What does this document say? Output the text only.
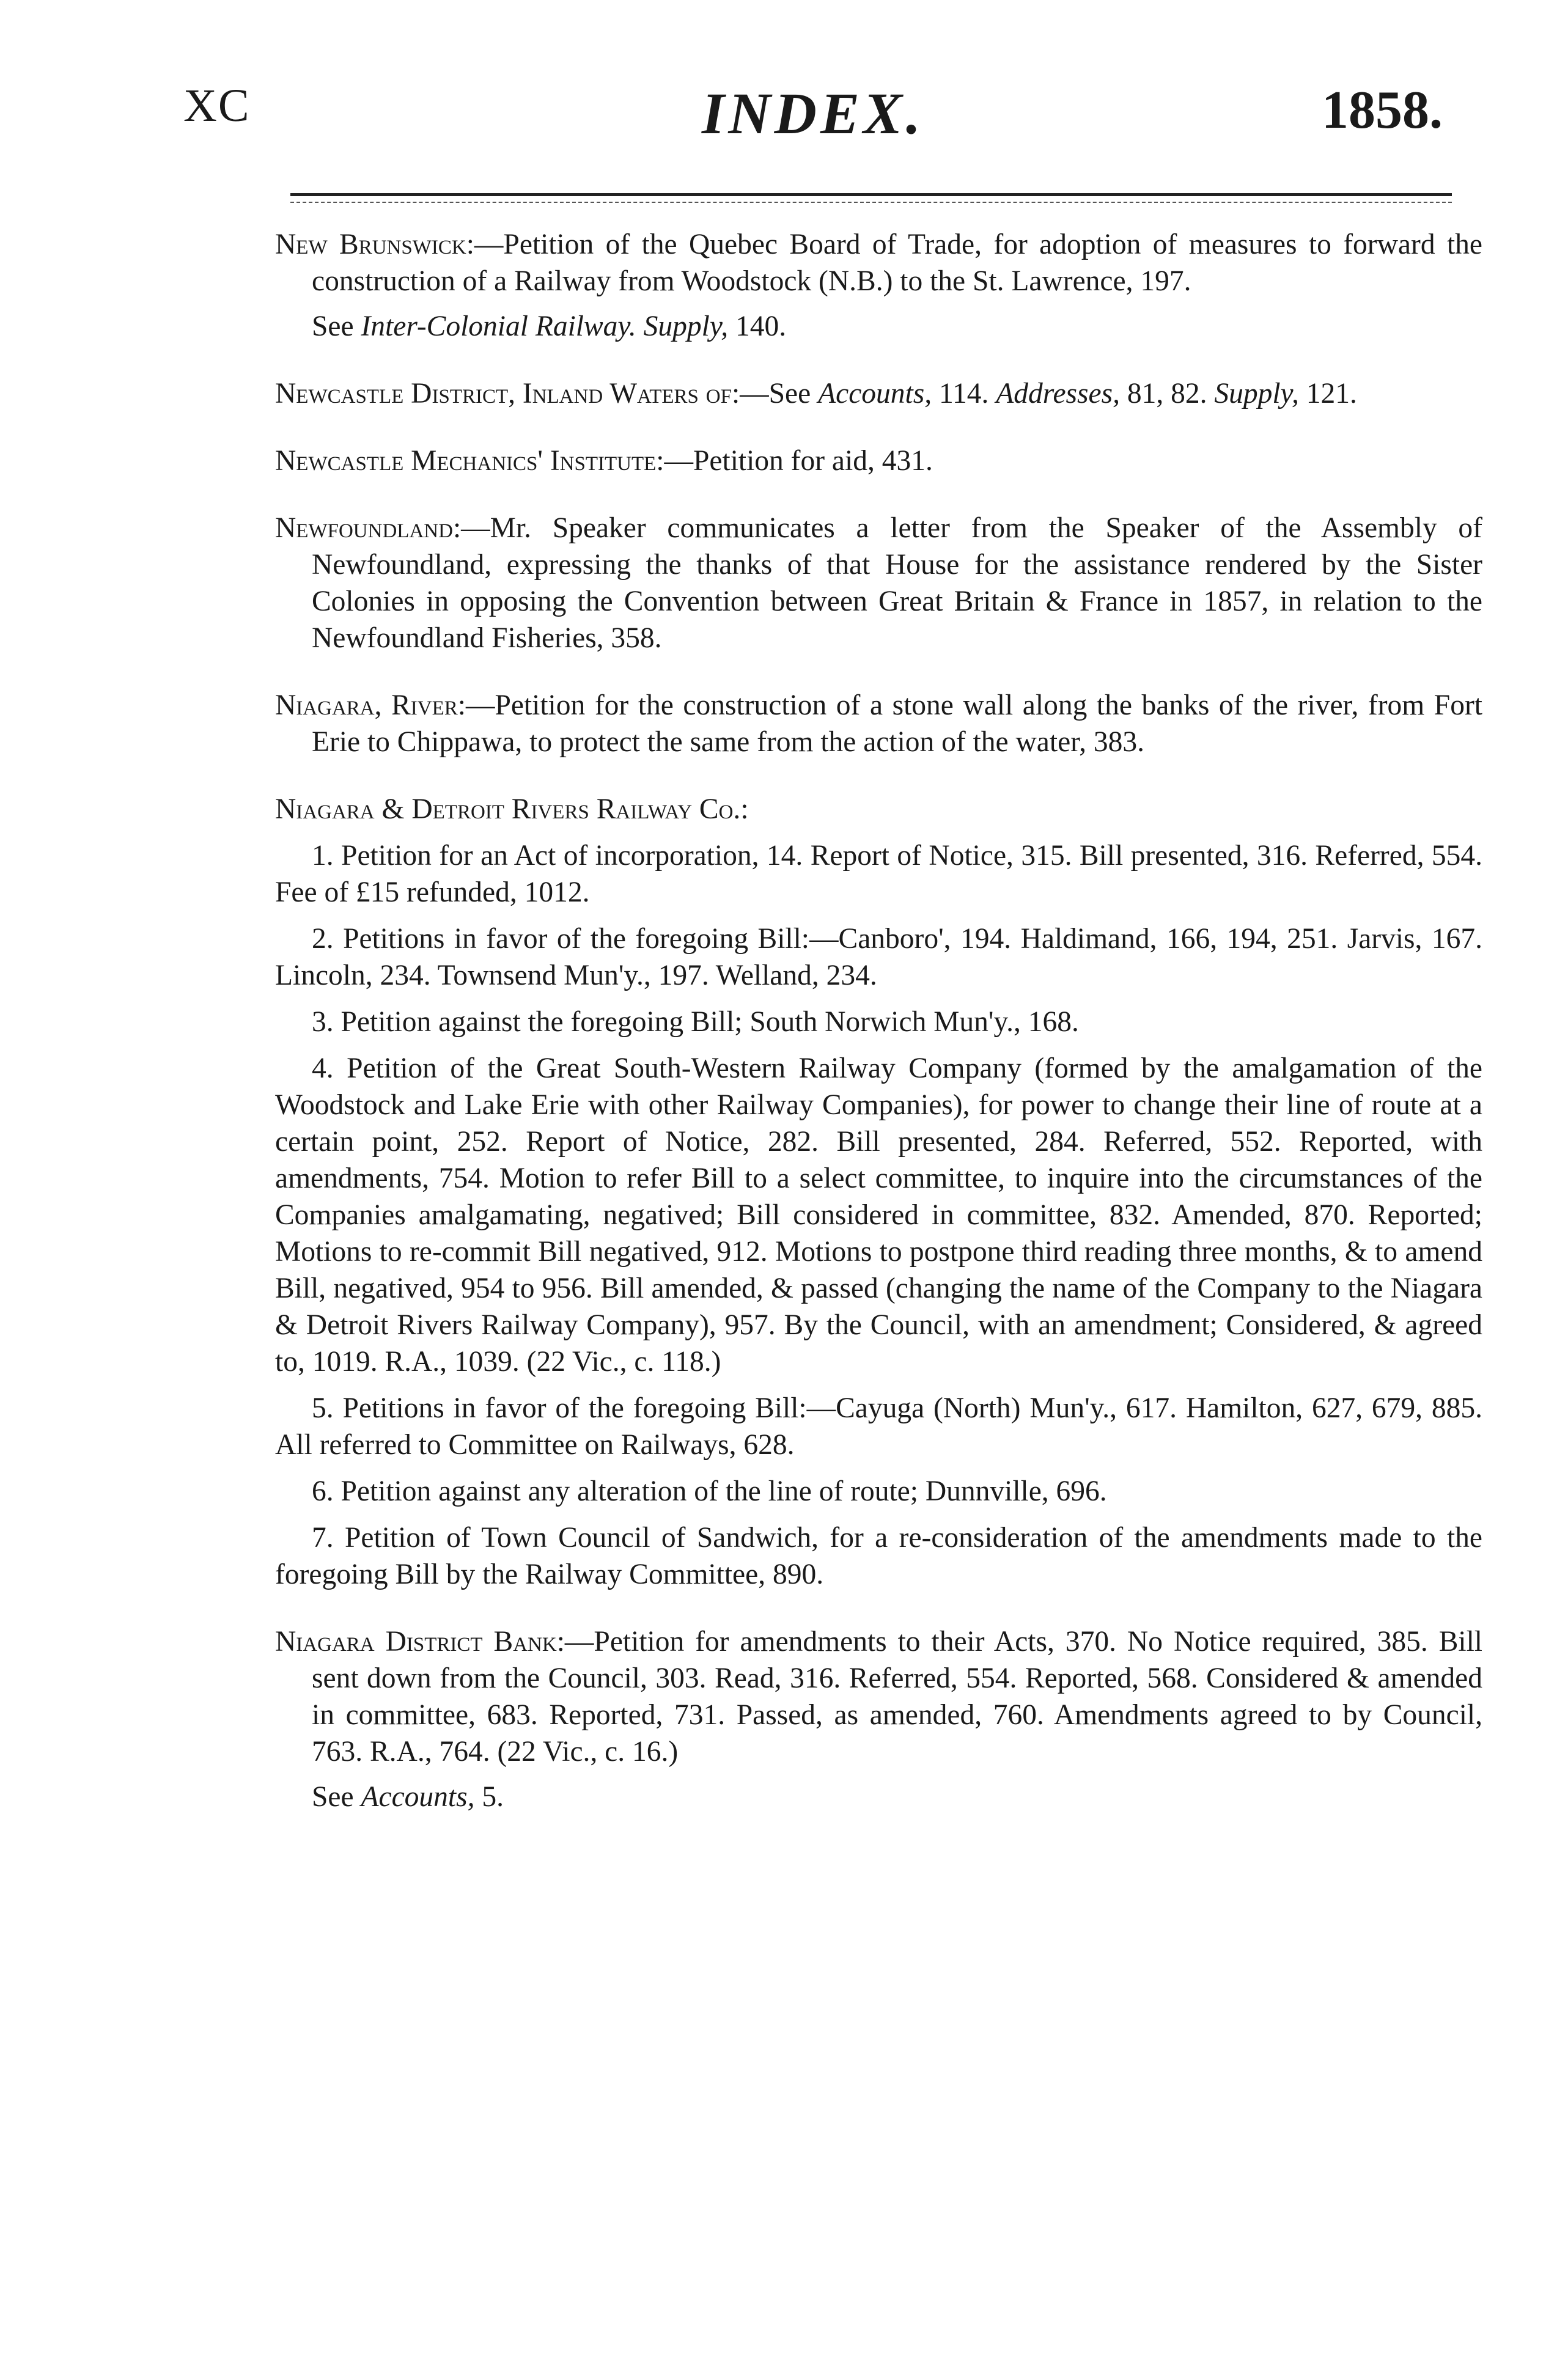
XC	INDEX.	1858.

New Brunswick:—Petition of the Quebec Board of Trade, for adoption of measures to forward the construction of a Railway from Woodstock (N.B.) to the St. Lawrence, 197.

See Inter-Colonial Railway. Supply, 140.

Newcastle District, Inland Waters of:—See Accounts, 114. Addresses, 81, 82. Supply, 121.

Newcastle Mechanics' Institute:—Petition for aid, 431.

Newfoundland:—Mr. Speaker communicates a letter from the Speaker of the Assembly of Newfoundland, expressing the thanks of that House for the assistance rendered by the Sister Colonies in opposing the Convention between Great Britain & France in 1857, in relation to the Newfoundland Fisheries, 358.

Niagara, River:—Petition for the construction of a stone wall along the banks of the river, from Fort Erie to Chippawa, to protect the same from the action of the water, 383.

Niagara & Detroit Rivers Railway Co.:

1. Petition for an Act of incorporation, 14. Report of Notice, 315. Bill presented, 316. Referred, 554. Fee of £15 refunded, 1012.

2. Petitions in favor of the foregoing Bill:—Canboro', 194. Haldimand, 166, 194, 251. Jarvis, 167. Lincoln, 234. Townsend Mun'y., 197. Welland, 234.

3. Petition against the foregoing Bill; South Norwich Mun'y., 168.

4. Petition of the Great South-Western Railway Company (formed by the amalgamation of the Woodstock and Lake Erie with other Railway Companies), for power to change their line of route at a certain point, 252. Report of Notice, 282. Bill presented, 284. Referred, 552. Reported, with amendments, 754. Motion to refer Bill to a select committee, to inquire into the circumstances of the Companies amalgamating, negatived; Bill considered in committee, 832. Amended, 870. Reported; Motions to re-commit Bill negatived, 912. Motions to postpone third reading three months, & to amend Bill, negatived, 954 to 956. Bill amended, & passed (changing the name of the Company to the Niagara & Detroit Rivers Railway Company), 957. By the Council, with an amendment; Considered, & agreed to, 1019. R.A., 1039. (22 Vic., c. 118.)

5. Petitions in favor of the foregoing Bill:—Cayuga (North) Mun'y., 617. Hamilton, 627, 679, 885. All referred to Committee on Railways, 628.

6. Petition against any alteration of the line of route; Dunnville, 696.

7. Petition of Town Council of Sandwich, for a re-consideration of the amendments made to the foregoing Bill by the Railway Committee, 890.

Niagara District Bank:—Petition for amendments to their Acts, 370. No Notice required, 385. Bill sent down from the Council, 303. Read, 316. Referred, 554. Reported, 568. Considered & amended in committee, 683. Reported, 731. Passed, as amended, 760. Amendments agreed to by Council, 763. R.A., 764. (22 Vic., c. 16.)

See Accounts, 5.
